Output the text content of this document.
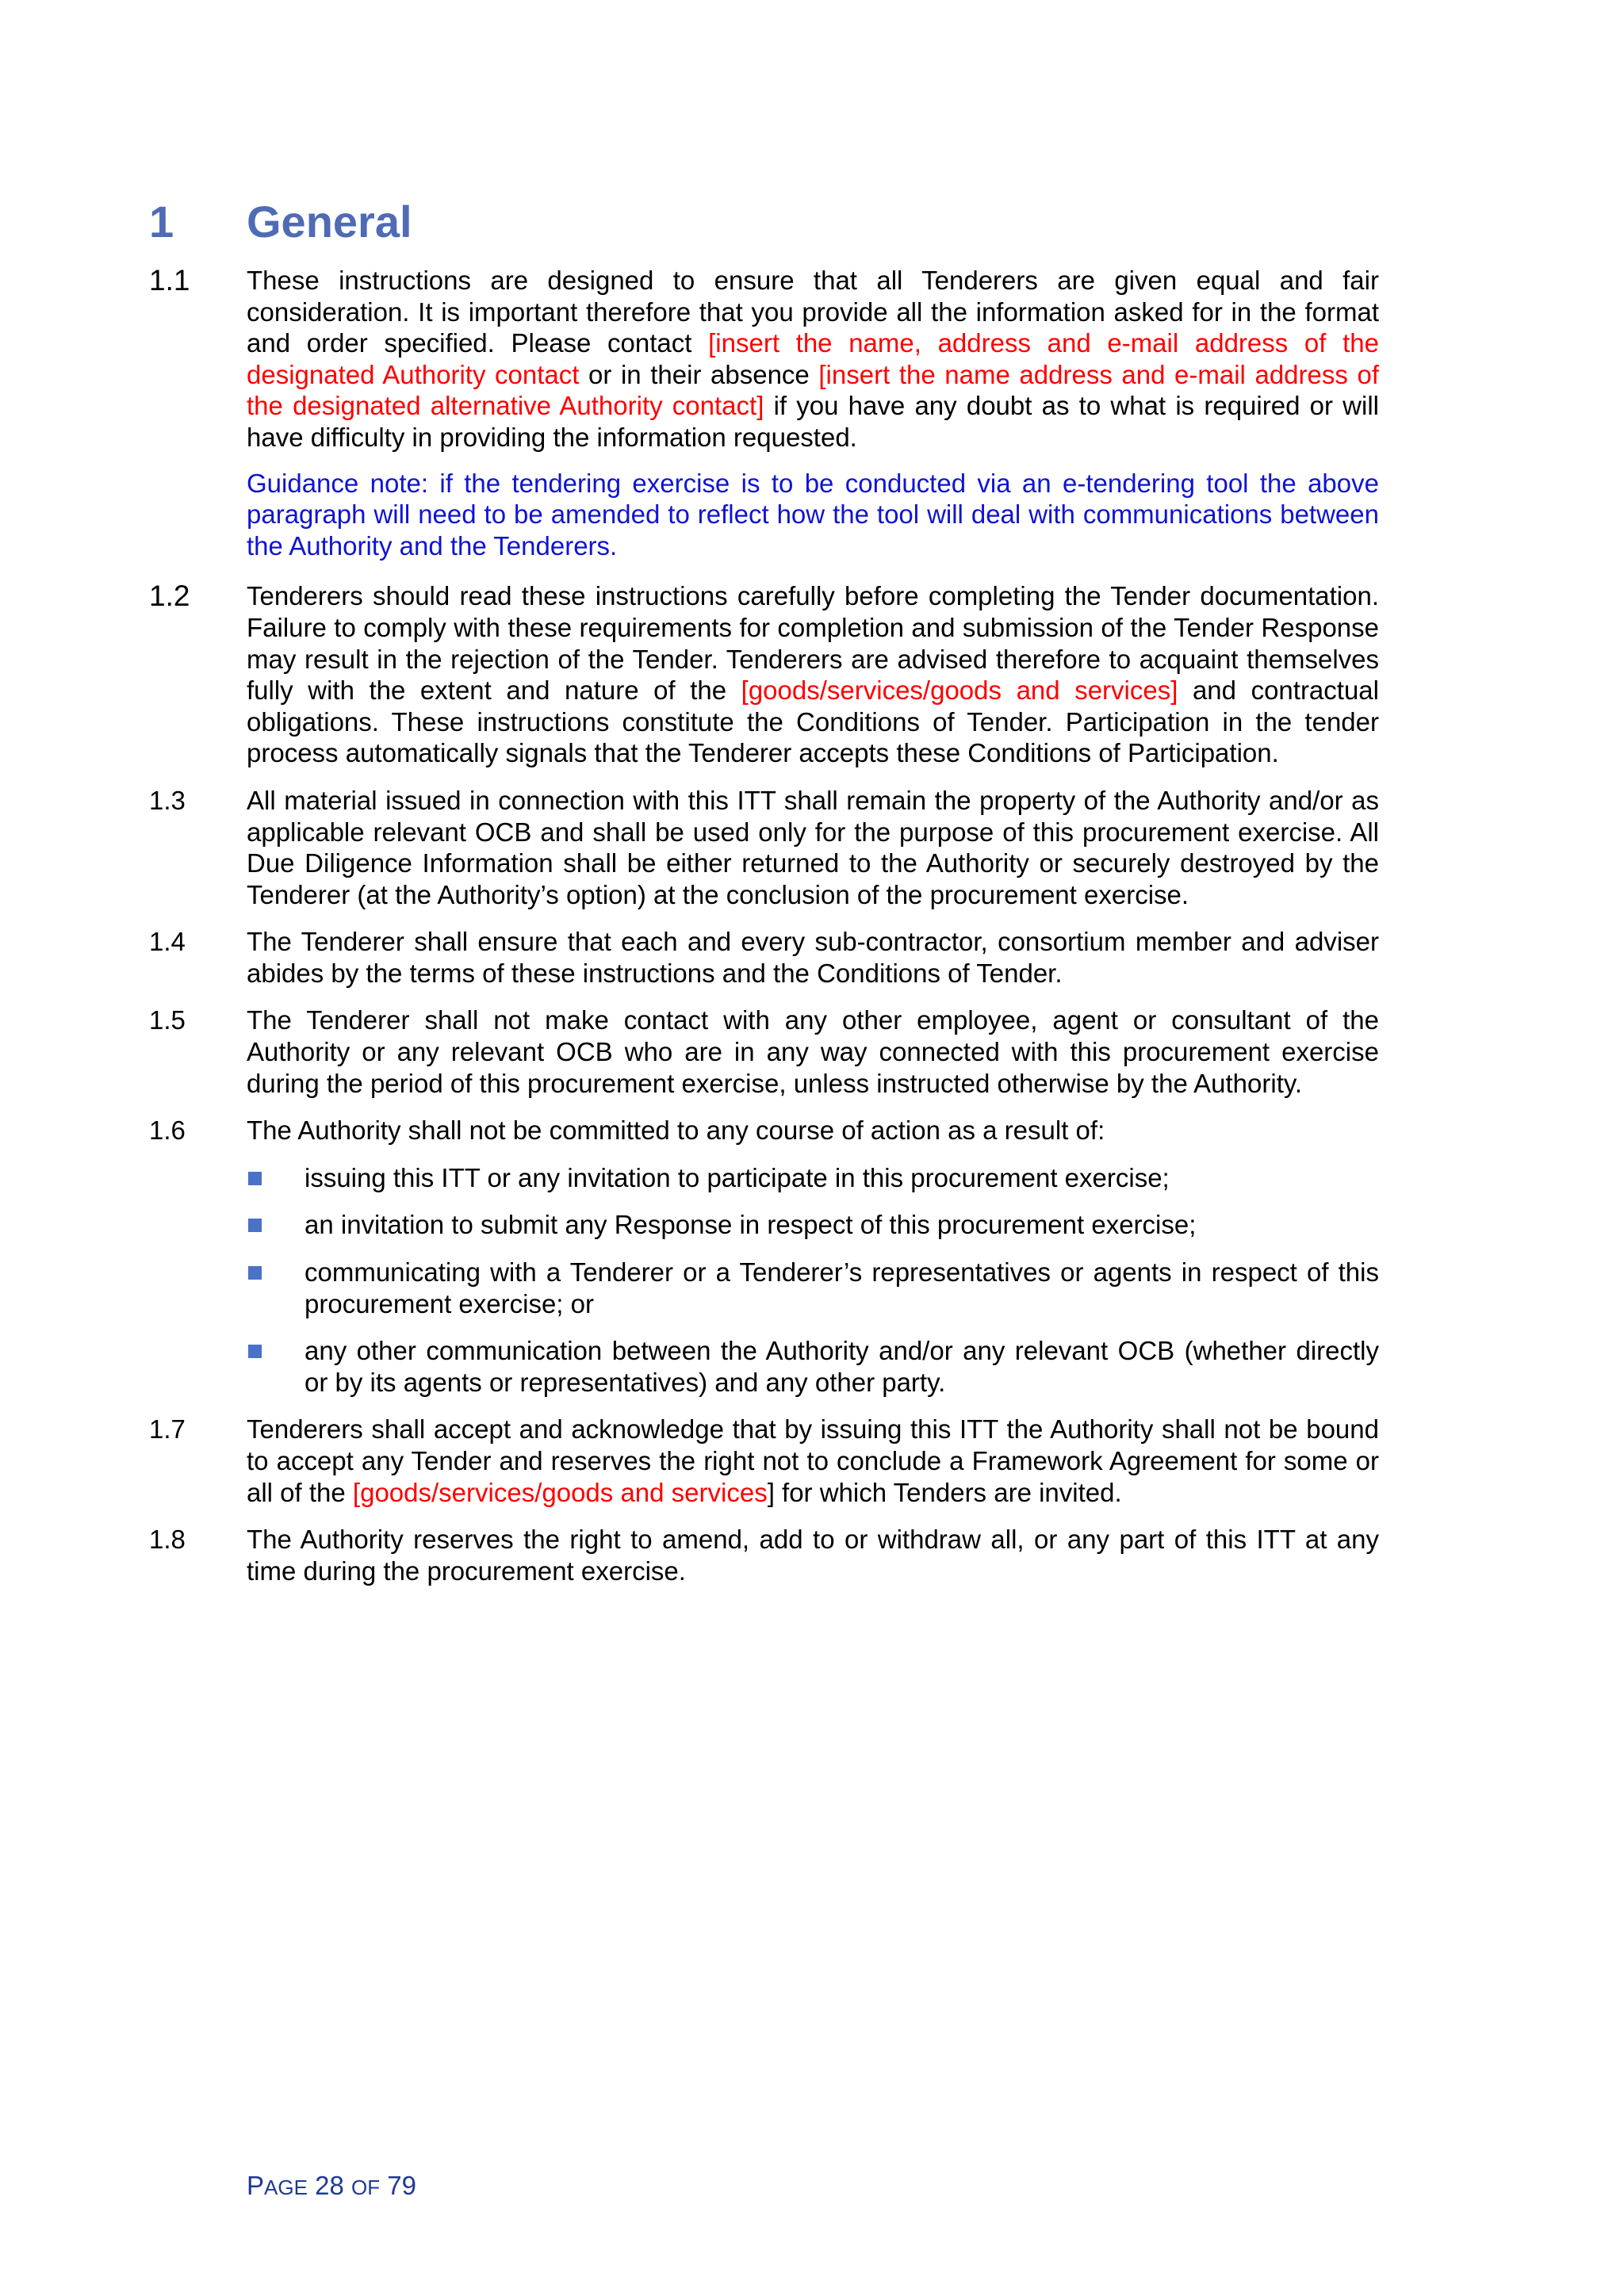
1	General
1.1	These instructions are designed to ensure that all Tenderers are given equal and fair consideration. It is important therefore that you provide all the information asked for in the format and order specified. Please contact [insert the name, address and e-mail address of the designated Authority contact or in their absence [insert the name address and e-mail address of the designated alternative Authority contact] if you have any doubt as to what is required or will have difficulty in providing the information requested.
Guidance note: if the tendering exercise is to be conducted via an e-tendering tool the above paragraph will need to be amended to reflect how the tool will deal with communications between the Authority and the Tenderers.
1.2	Tenderers should read these instructions carefully before completing the Tender documentation. Failure to comply with these requirements for completion and submission of the Tender Response may result in the rejection of the Tender. Tenderers are advised therefore to acquaint themselves fully with the extent and nature of the [goods/services/goods and services] and contractual obligations. These instructions constitute the Conditions of Tender. Participation in the tender process automatically signals that the Tenderer accepts these Conditions of Participation.
1.3	All material issued in connection with this ITT shall remain the property of the Authority and/or as applicable relevant OCB and shall be used only for the purpose of this procurement exercise. All Due Diligence Information shall be either returned to the Authority or securely destroyed by the Tenderer (at the Authority’s option) at the conclusion of the procurement exercise.
1.4	The Tenderer shall ensure that each and every sub-contractor, consortium member and adviser abides by the terms of these instructions and the Conditions of Tender.
1.5	The Tenderer shall not make contact with any other employee, agent or consultant of the Authority or any relevant OCB who are in any way connected with this procurement exercise during the period of this procurement exercise, unless instructed otherwise by the Authority.
1.6	The Authority shall not be committed to any course of action as a result of:
issuing this ITT or any invitation to participate in this procurement exercise;
an invitation to submit any Response in respect of this procurement exercise;
communicating with a Tenderer or a Tenderer’s representatives or agents in respect of this procurement exercise; or
any other communication between the Authority and/or any relevant OCB (whether directly or by its agents or representatives) and any other party.
1.7	Tenderers shall accept and acknowledge that by issuing this ITT the Authority shall not be bound to accept any Tender and reserves the right not to conclude a Framework Agreement for some or all of the [goods/services/goods and services] for which Tenders are invited.
1.8	The Authority reserves the right to amend, add to or withdraw all, or any part of this ITT at any time during the procurement exercise.
PAGE 28 OF 79
